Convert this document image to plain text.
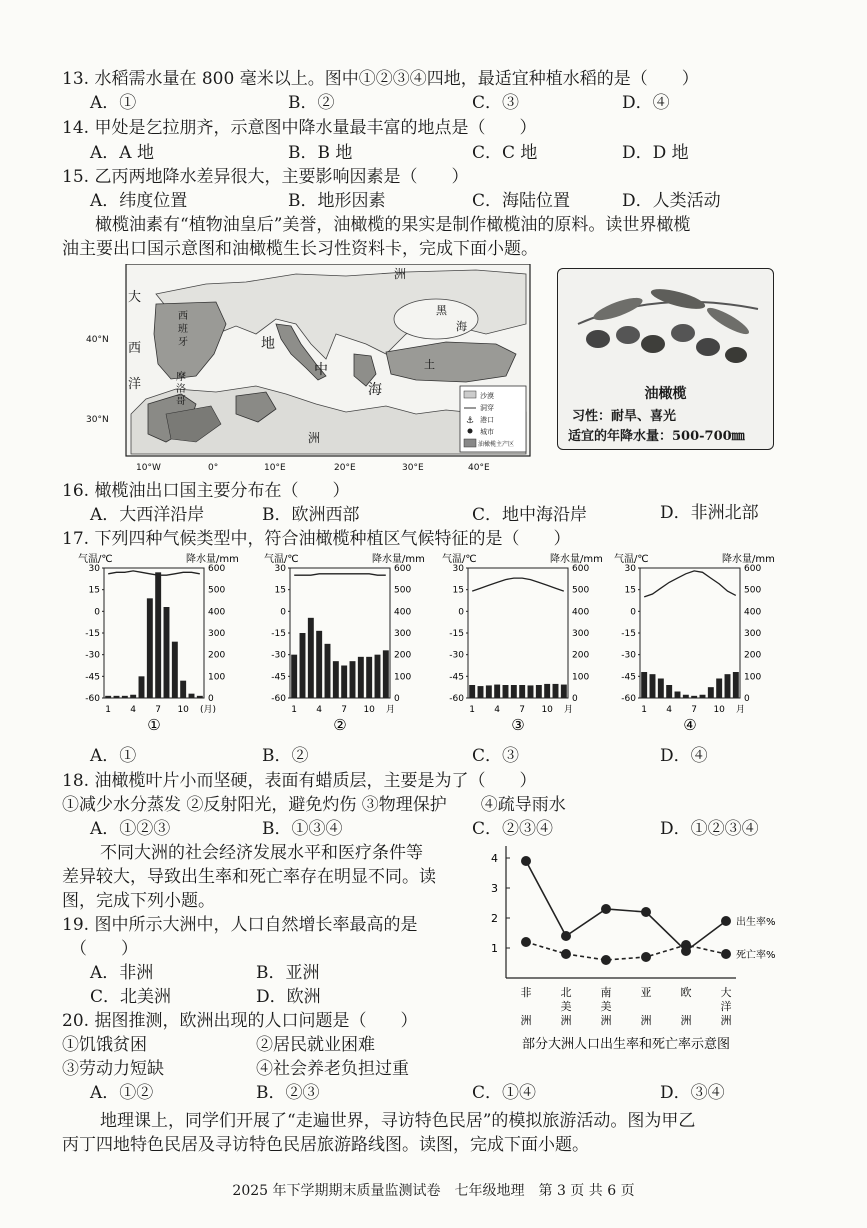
13. 水稻需水量在 800 毫米以上。图中①②③④四地，最适宜种植水稻的是（　　）
A．①	B．②	C．③	D．④
14. 甲处是乞拉朋齐，示意图中降水量最丰富的地点是（　　）
A．A 地	B．B 地	C．C 地	D．D 地
15. 乙丙两地降水差异很大，主要影响因素是（　　）
A．纬度位置	B．地形因素	C．海陆位置	D．人类活动
橄榄油素有“植物油皇后”美誉，油橄榄的果实是制作橄榄油的原料。读世界橄榄
油主要出口国示意图和油橄榄生长习性资料卡，完成下面小题。
沙漠
洞穿
⚓ 港口
城市
油橄榄主产区
大
西
洋
西
班
牙
摩
洛
哥
地
中
海
洲
洲
黑
海
土
40°N
30°N
10°W	0°	10°E	20°E	30°E	40°E
油橄榄
习性：耐旱、喜光
适宜的年降水量：500-700㎜
16. 橄榄油出口国主要分布在（　　）
A．大西洋沿岸	B．欧洲西部	C．地中海沿岸	D．非洲北部
17. 下列四种气候类型中，符合油橄榄种植区气候特征的是（　　）
气温/℃	降水量/mm
30
15
0
-15
-30
-45
-60
600
500
400
300
200
100
0
1 4 7 10 (月)
①
气温/℃	降水量/mm
30
15
0
-15
-30
-45
-60
600
500
400
300
200
100
0
1 4 7 10 月
②
气温/℃	降水量/mm
30
15
0
-15
-30
-45
-60
600
500
400
300
200
100
0
1 4 7 10 月
③
气温/℃	降水量/mm
30
15
0
-15
-30
-45
-60
600
500
400
300
200
100
0
1 4 7 10 月
④
A．①	B．②	C．③	D．④
18. 油橄榄叶片小而坚硬，表面有蜡质层，主要是为了（　　）
①减少水分蒸发 ②反射阳光，避免灼伤 ③物理保护　　④疏导雨水
A．①②③	B．①③④	C．②③④	D．①②③④
不同大洲的社会经济发展水平和医疗条件等
差异较大，导致出生率和死亡率存在明显不同。读
图，完成下列小题。
19. 图中所示大洲中，人口自然增长率最高的是
（　　）
A．非洲	B．亚洲
C．北美洲	D．欧洲
20. 据图推测，欧洲出现的人口问题是（　　）
①饥饿贫困	②居民就业困难
③劳动力短缺	④社会养老负担过重
A．①②	B．②③	C．①④	D．③④
4
3
2
1
非
洲
北
美
洲
南
美
洲
亚
洲
欧
洲
大
洋
洲
出生率%
死亡率%
部分大洲人口出生率和死亡率示意图
地理课上，同学们开展了“走遍世界，寻访特色民居”的模拟旅游活动。图为甲乙
丙丁四地特色民居及寻访特色民居旅游路线图。读图，完成下面小题。
2025 年下学期期末质量监测试卷　七年级地理　第 3 页 共 6 页
